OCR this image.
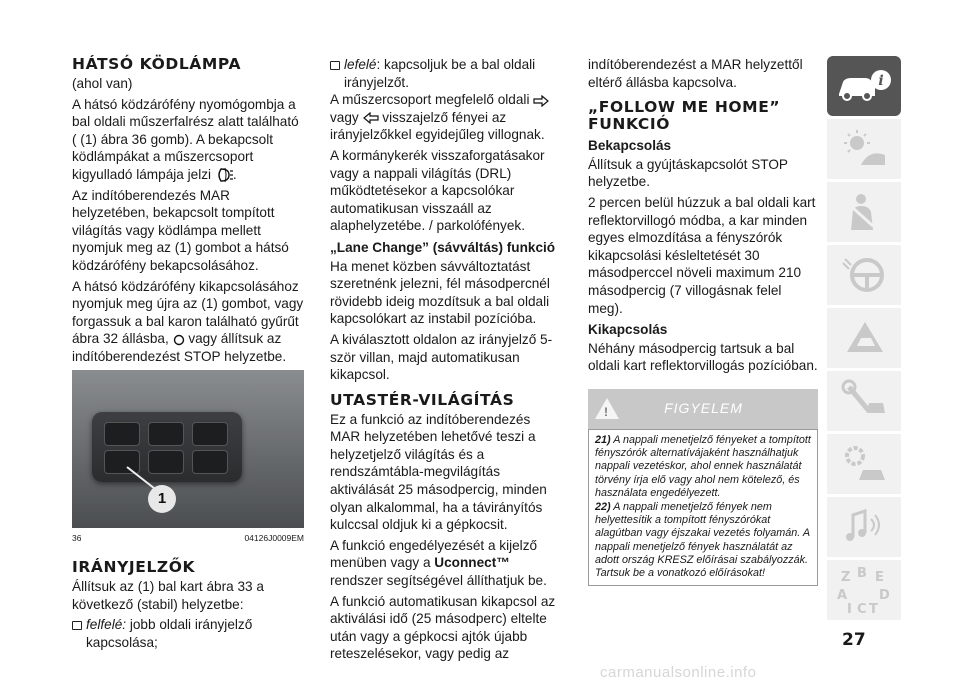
HÁTSÓ KÖDLÁMPA

(ahol van)

A hátsó ködzárófény nyomógombja a bal oldali műszerfalrész alatt található ( (1) ábra 36 gomb). A bekapcsolt ködlámpákat a műszercsoport kigyulladó lámpája jelzi .

Az indítóberendezés MAR helyzetében, bekapcsolt tompított világítás vagy ködlámpa mellett nyomjuk meg az (1) gombot a hátsó ködzárófény bekapcsolásához.

A hátsó ködzárófény kikapcsolásához nyomjuk meg újra az (1) gombot, vagy forgassuk a bal karon található gyűrűt ábra 32 állásba, vagy állítsuk az indítóberendezést STOP helyzetbe.

1
36	04126J0009EM
IRÁNYJELZŐK

Állítsuk az (1) bal kart ábra 33 a következő (stabil) helyzetbe:

felfelé: jobb oldali irányjelző kapcsolása;
lefelé: kapcsoljuk be a bal oldali irányjelzőt.

A műszercsoport megfelelő oldali  vagy visszajelző fényei az irányjelzőkkel egyidejűleg villognak.

A kormánykerék visszaforgatásakor vagy a nappali világítás (DRL) működtetésekor a kapcsolókar automatikusan visszaáll az alaphelyzetébe. / parkolófények.

„Lane Change” (sávváltás) funkció

Ha menet közben sávváltoztatást szeretnénk jelezni, fél másodpercnél rövidebb ideig mozdítsuk a bal oldali kapcsolókart az instabil pozícióba.

A kiválasztott oldalon az irányjelző 5-ször villan, majd automatikusan kikapcsol.

UTASTÉR-VILÁGÍTÁS

Ez a funkció az indítóberendezés MAR helyzetében lehetővé teszi a helyzetjelző világítás és a rendszámtábla-megvilágítás aktiválását 25 másodpercig, minden olyan alkalommal, ha a távirányítós kulccsal oldjuk ki a gépkocsit.

A funkció engedélyezését a kijelző menüben vagy a Uconnect™ rendszer segítségével állíthatjuk be.

A funkció automatikusan kikapcsol az aktiválási idő (25 másodperc) eltelte után vagy a gépkocsi ajtók újabb reteszelésekor, vagy pedig az

indítóberendezést a MAR helyzettől eltérő állásba kapcsolva.

„FOLLOW ME HOME” FUNKCIÓ
Bekapcsolás

Állítsuk a gyújtáskapcsolót STOP helyzetbe.

2 percen belül húzzuk a bal oldali kart reflektorvillogó módba, a kar minden egyes elmozdítása a fényszórók kikapcsolási késleltetését 30 másodperccel növeli maximum 210 másodpercig (7 villogásnak felel meg).

Kikapcsolás

Néhány másodpercig tartsuk a bal oldali kart reflektorvillogás pozícióban.

!	FIGYELEM

21) A nappali menetjelző fényeket a tompított fényszórók alternatívájaként használhatjuk nappali vezetéskor, ahol ennek használatát törvény írja elő vagy ahol nem kötelező, és használata engedélyezett.

22) A nappali menetjelző fények nem helyettesítik a tompított fényszórókat alagútban vagy éjszakai vezetés folyamán. A nappali menetjelző fények használatát az adott ország KRESZ előírásai szabályozzák. Tartsuk be a vonatkozó előírásokat!

i
Z B E
A D
I C T
27
carmanualsonline.info
